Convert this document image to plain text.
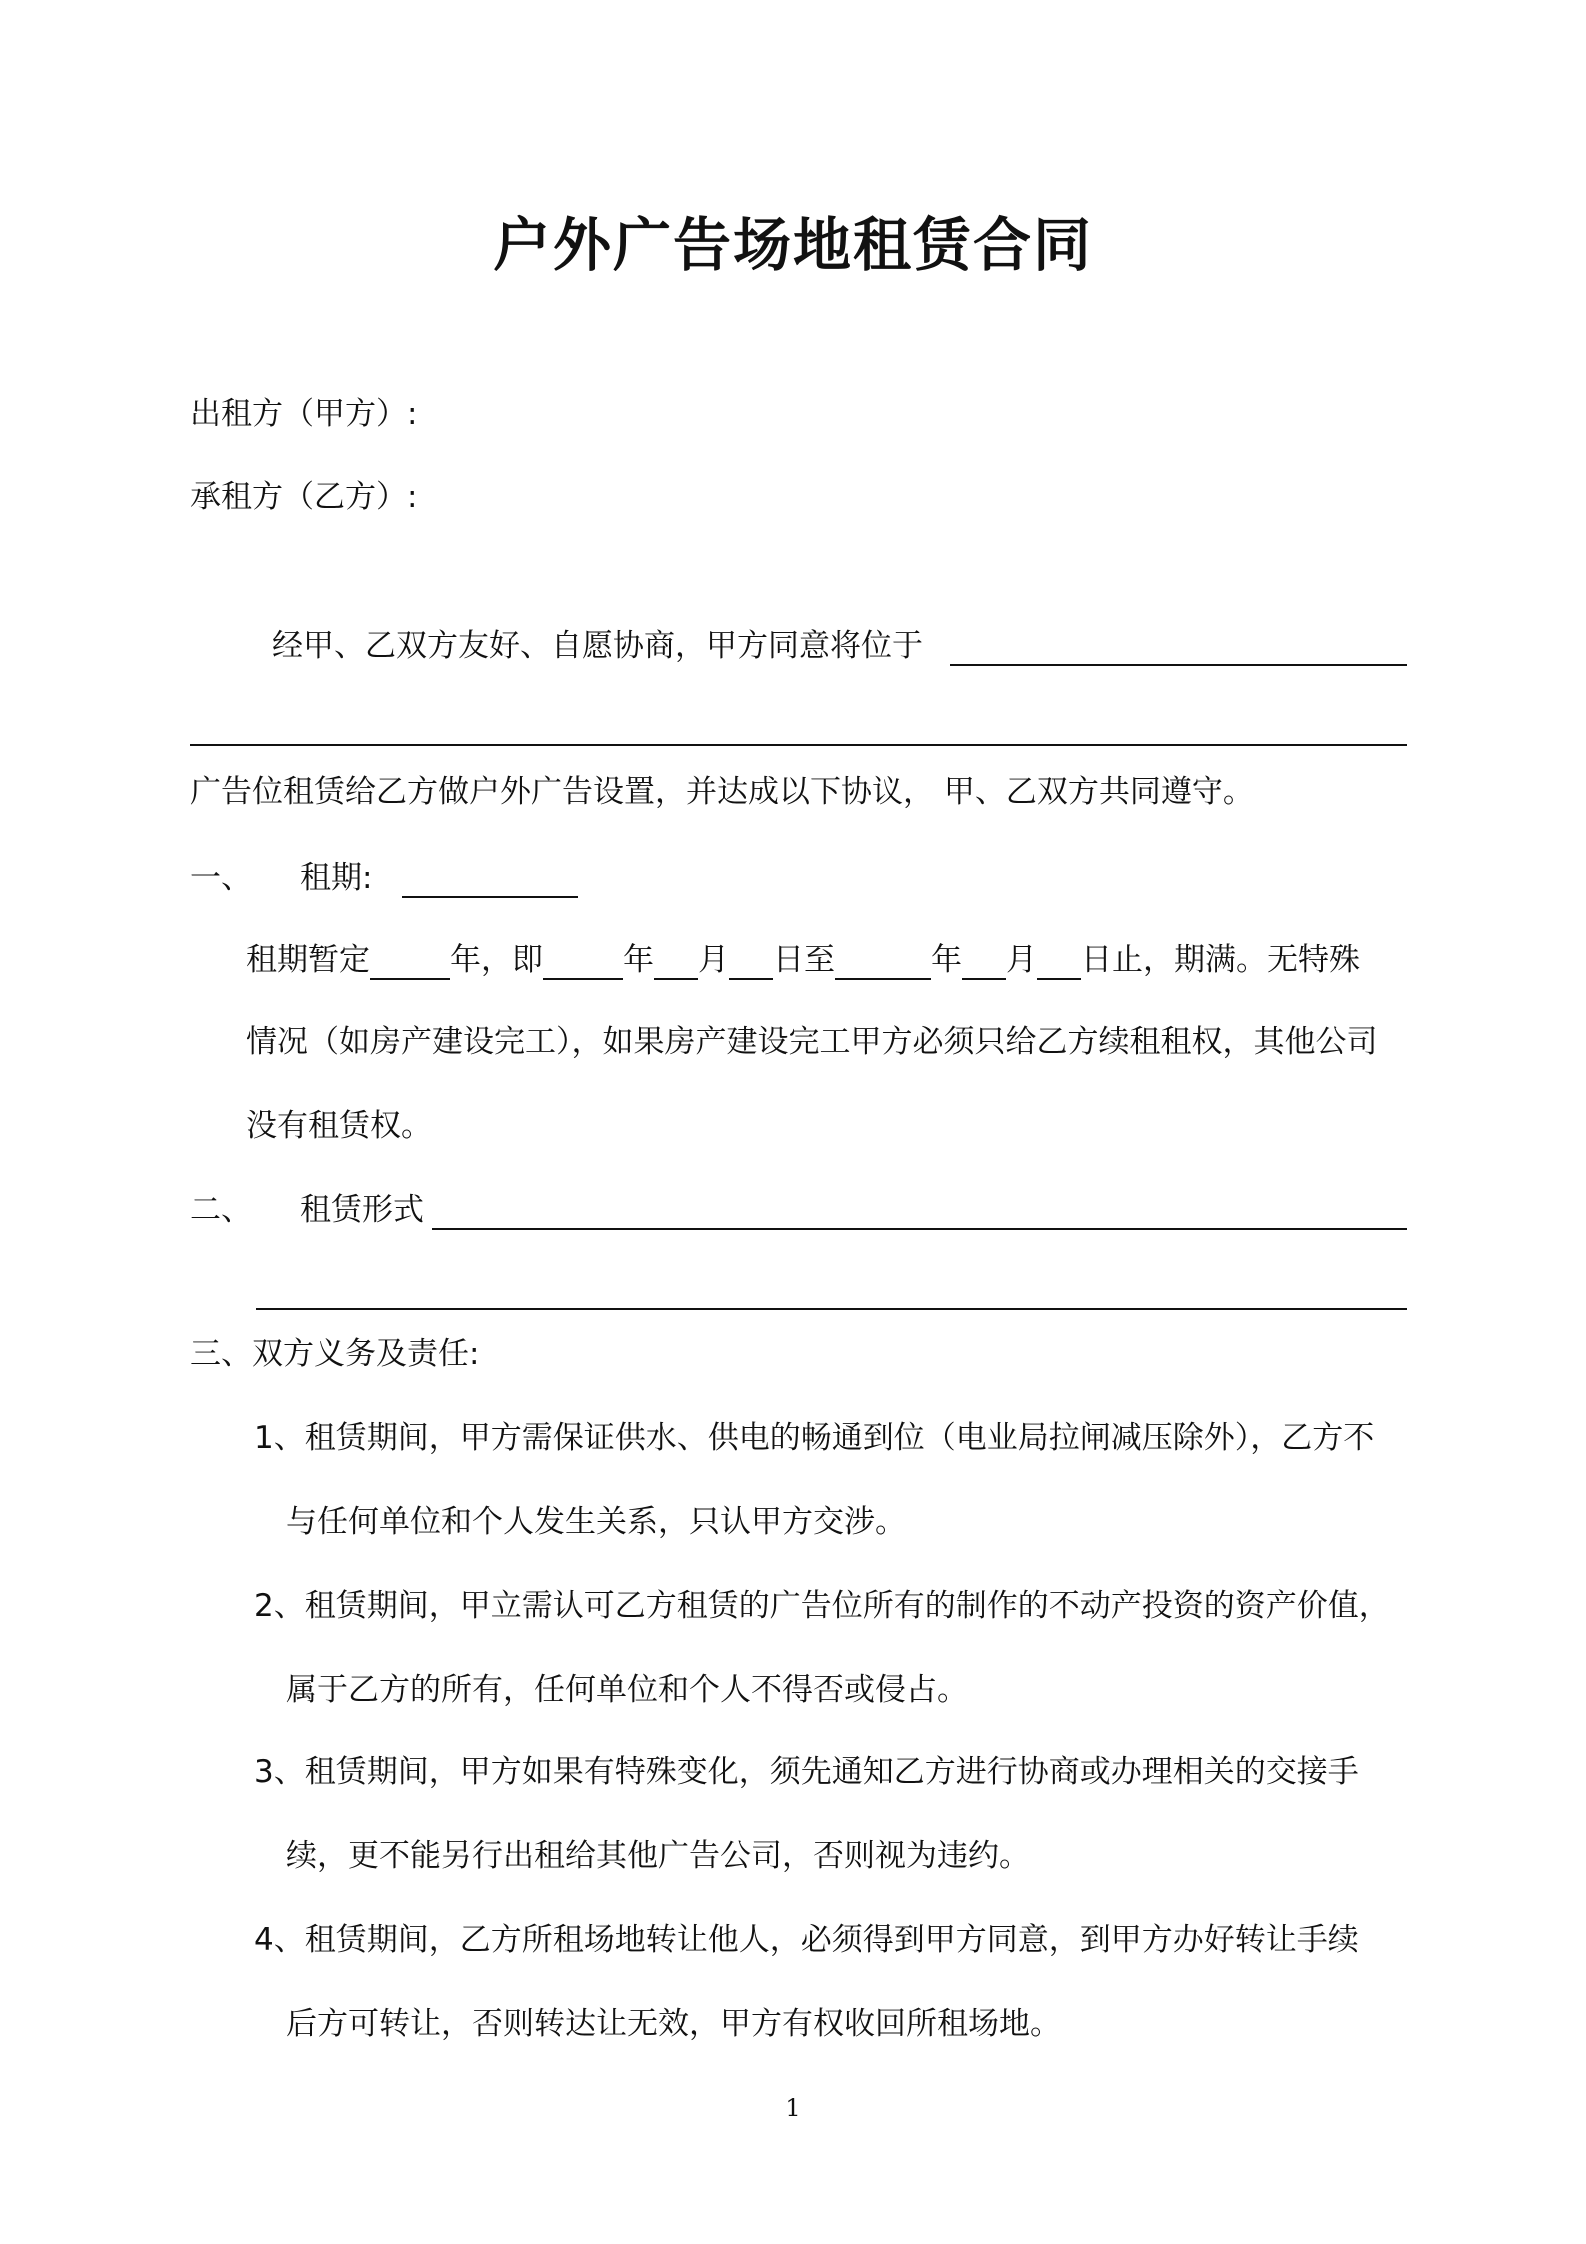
户外广告场地租赁合同
出租方（甲方）:
承租方（乙方）:
经甲、乙双方友好、自愿协商，甲方同意将位于
广告位租赁给乙方做户外广告设置，并达成以下协议， 甲、乙双方共同遵守。
一、 租期:
租期暂定	年，即	年 月 日至	年 月 日止，期满。无特殊
情况（如房产建设完工），如果房产建设完工甲方必须只给乙方续租租权，其他公司
没有租赁权。
二、 租赁形式
三、双方义务及责任:
1、租赁期间，甲方需保证供水、供电的畅通到位（电业局拉闸减压除外），乙方不
与任何单位和个人发生关系，只认甲方交涉。
2、租赁期间，甲立需认可乙方租赁的广告位所有的制作的不动产投资的资产价值，
属于乙方的所有，任何单位和个人不得否或侵占。
3、租赁期间，甲方如果有特殊变化，须先通知乙方进行协商或办理相关的交接手
续，更不能另行出租给其他广告公司，否则视为违约。
4、租赁期间，乙方所租场地转让他人，必须得到甲方同意，到甲方办好转让手续
后方可转让，否则转达让无效，甲方有权收回所租场地。
1
